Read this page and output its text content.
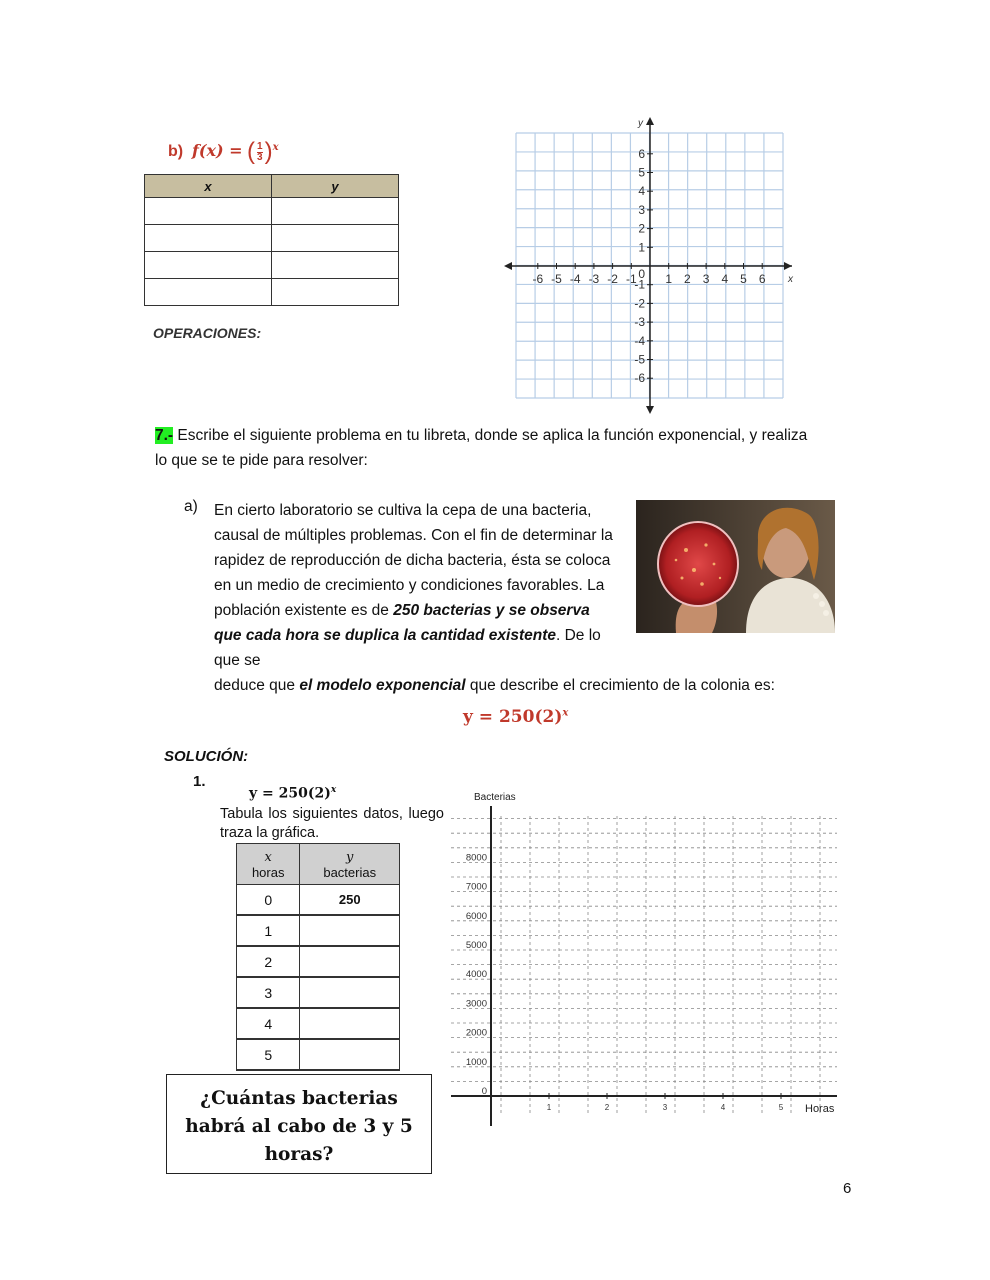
b) f(x) = ( $\frac{1}{3} )^x$
x	y

OPERACIONES:
-6 -5 -4 -3 -2 -1 1 2 3 4 5 6
-6
-5
-4
-3
-2
-1
1
2
3
4
5
6
0	x
y
7.- Escribe el siguiente problema en tu libreta, donde se aplica la función exponencial, y realiza lo que se te pide para resolver:
a) En cierto laboratorio se cultiva la cepa de una bacteria, causal de múltiples problemas. Con el fin de determinar la rapidez de reproducción de dicha bacteria, ésta se coloca en un medio de crecimiento y condiciones favorables. La población existente es de 250 bacterias y se observa que cada hora se duplica la cantidad existente. De lo que se
deduce que el modelo exponencial que describe el crecimiento de la colonia es:
$y = 250(2)^x$
SOLUCIÓN:
1.
$y = 250(2)^x$
Tabula los siguientes datos, luego traza la gráfica.
x
horas	y
bacterias
0	250
1	
2	
3	
4	
5	
¿Cuántas bacterias habrá al cabo de 3 y 5 horas?
0
1000
2000
3000
4000
5000
6000
7000
8000
1	2	3	4	5
Bacterias
Horas
6
